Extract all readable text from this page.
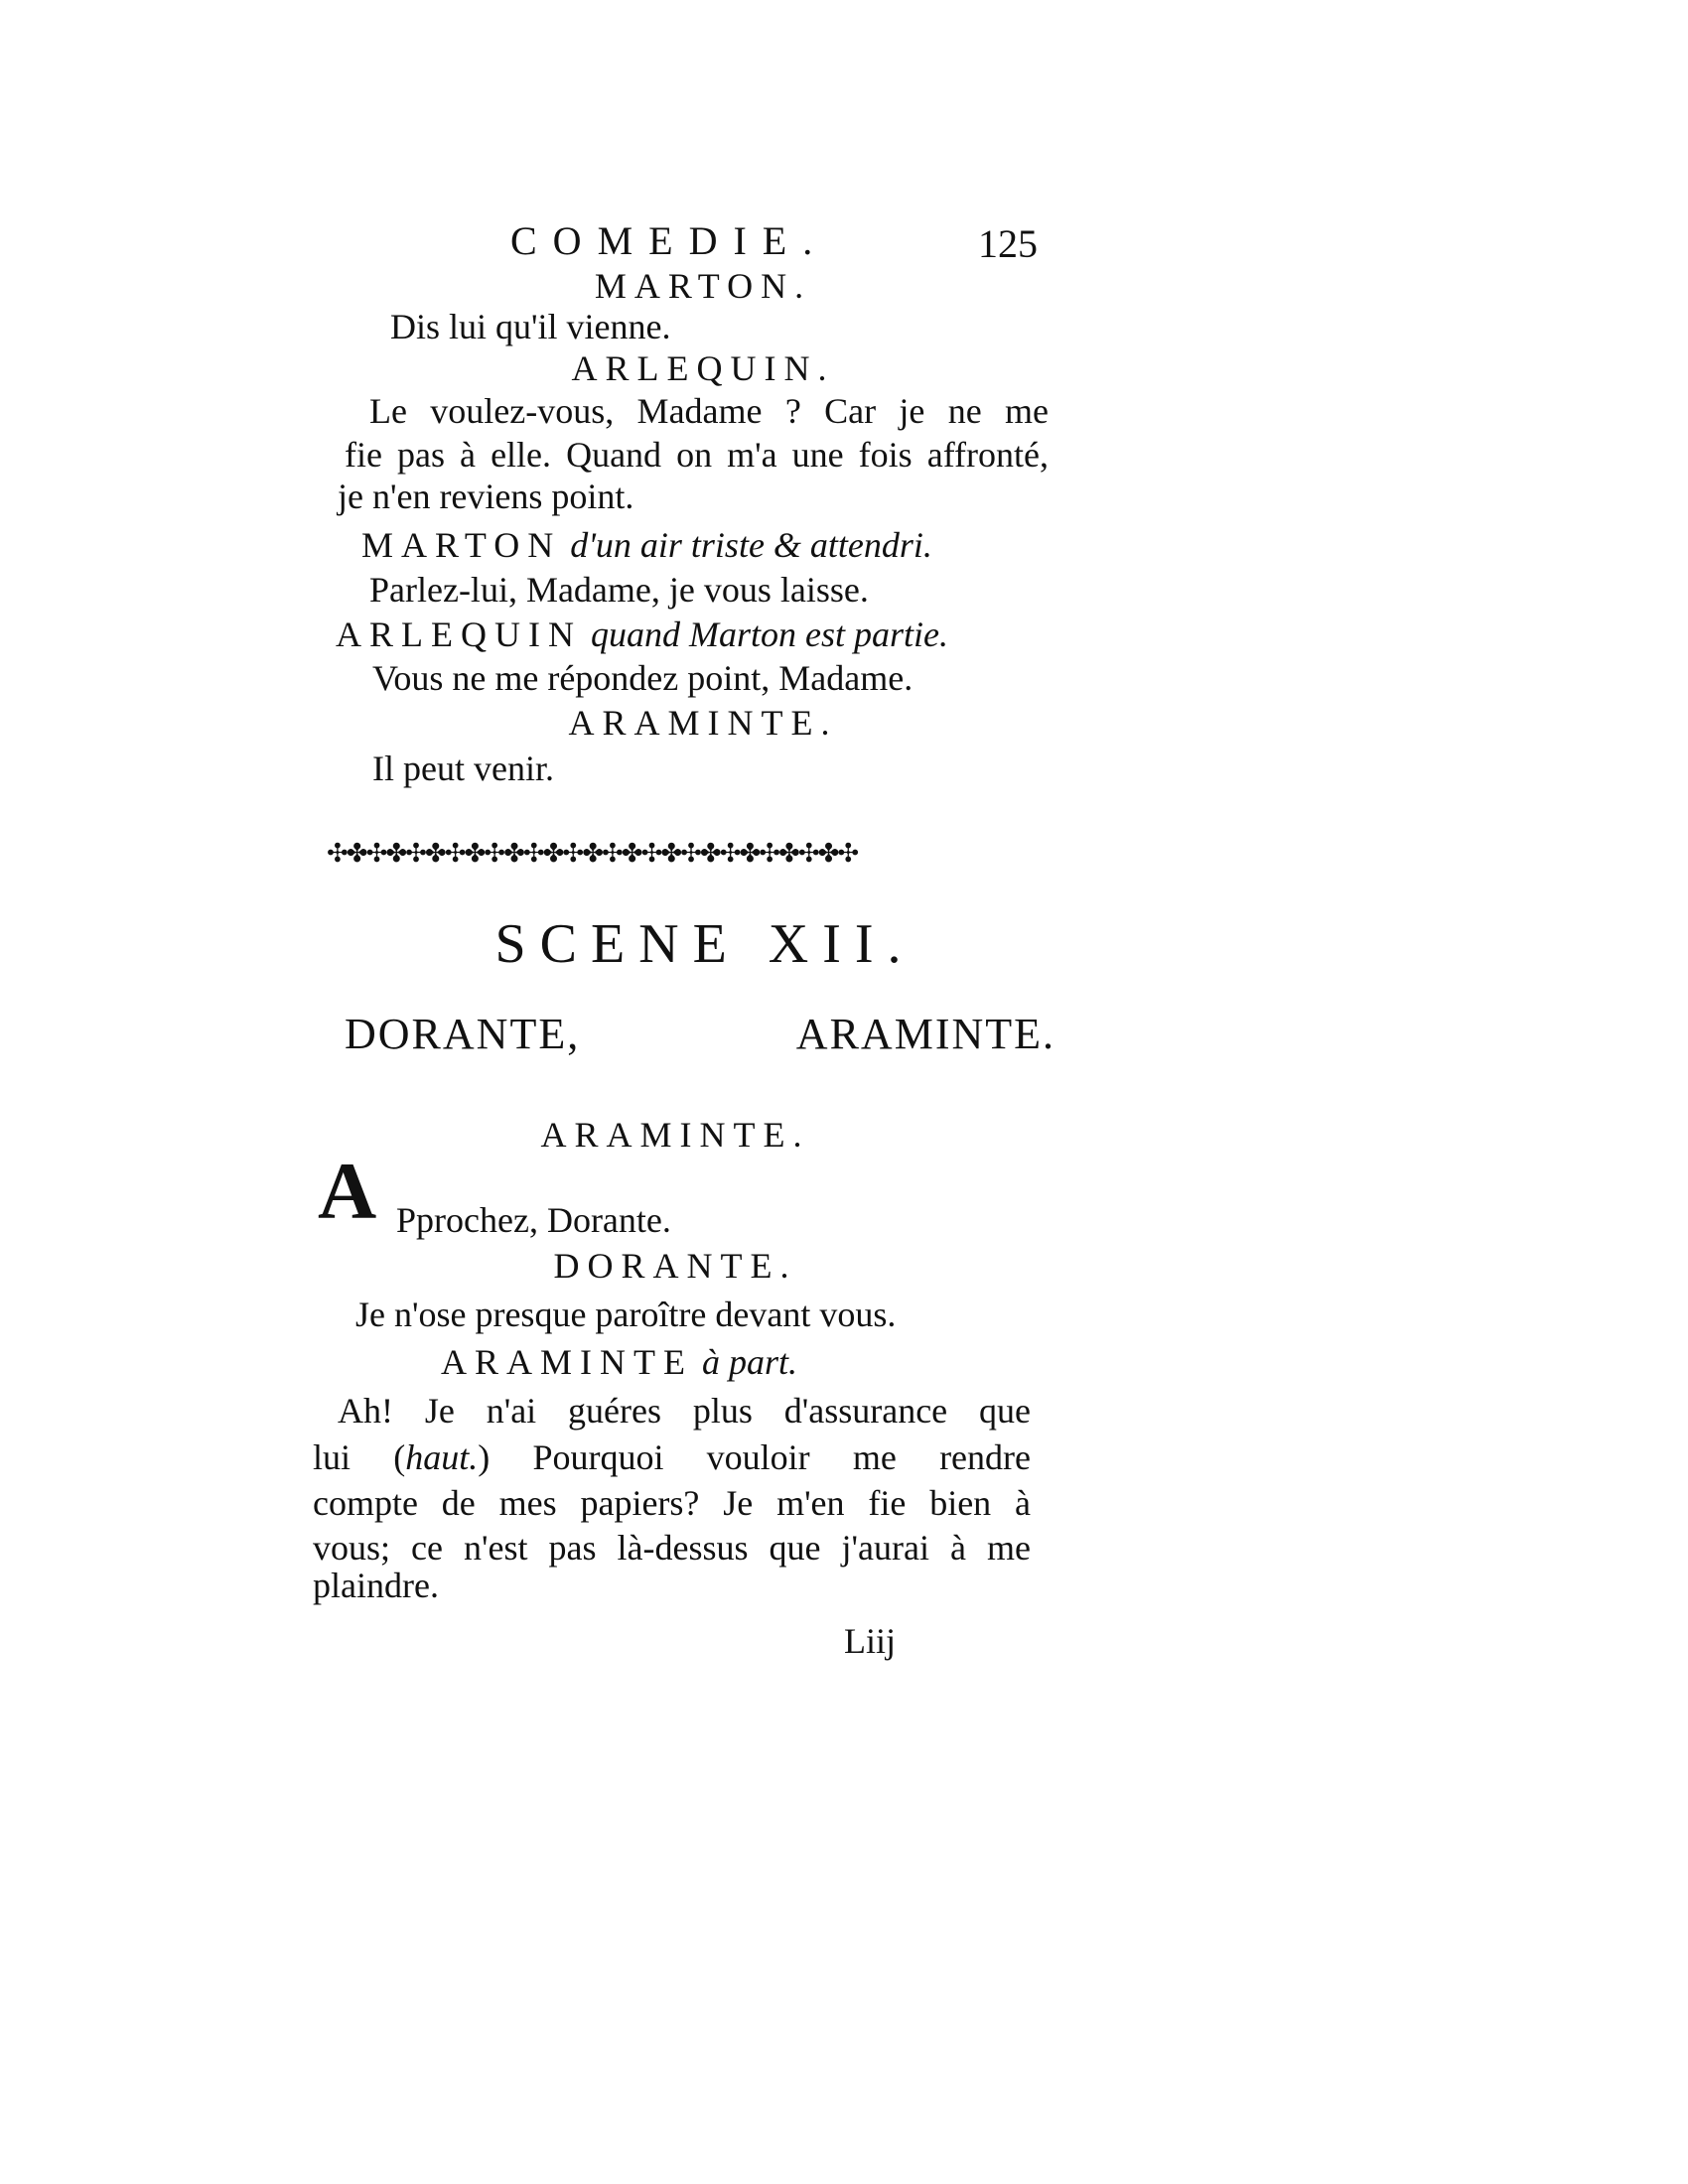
COMEDIE.	125
MARTON.
Dis lui qu'il vienne.
ARLEQUIN.
Le voulez-vous, Madame ? Car je ne me
fie pas à elle. Quand on m'a une fois affronté,
je n'en reviens point.
MARTON d'un air triste & attendri.
Parlez-lui, Madame, je vous laisse.
ARLEQUIN quand Marton est partie.
Vous ne me répondez point, Madame.
ARAMINTE.
Il peut venir.
✣✤✣✤✣✤✣✤✣✤✣✤✣✤✣✤✣✤✣✤✣✤✣✤✣✤✣
SCENE XII.
DORANTE, ARAMINTE.
ARAMINTE.
A Pprochez, Dorante.
DORANTE.
Je n'ose presque paroître devant vous.
ARAMINTE à part.
Ah! Je n'ai guéres plus d'assurance que
lui (haut.) Pourquoi vouloir me rendre
compte de mes papiers? Je m'en fie bien à
vous; ce n'est pas là-dessus que j'aurai à me
plaindre.
Liij
